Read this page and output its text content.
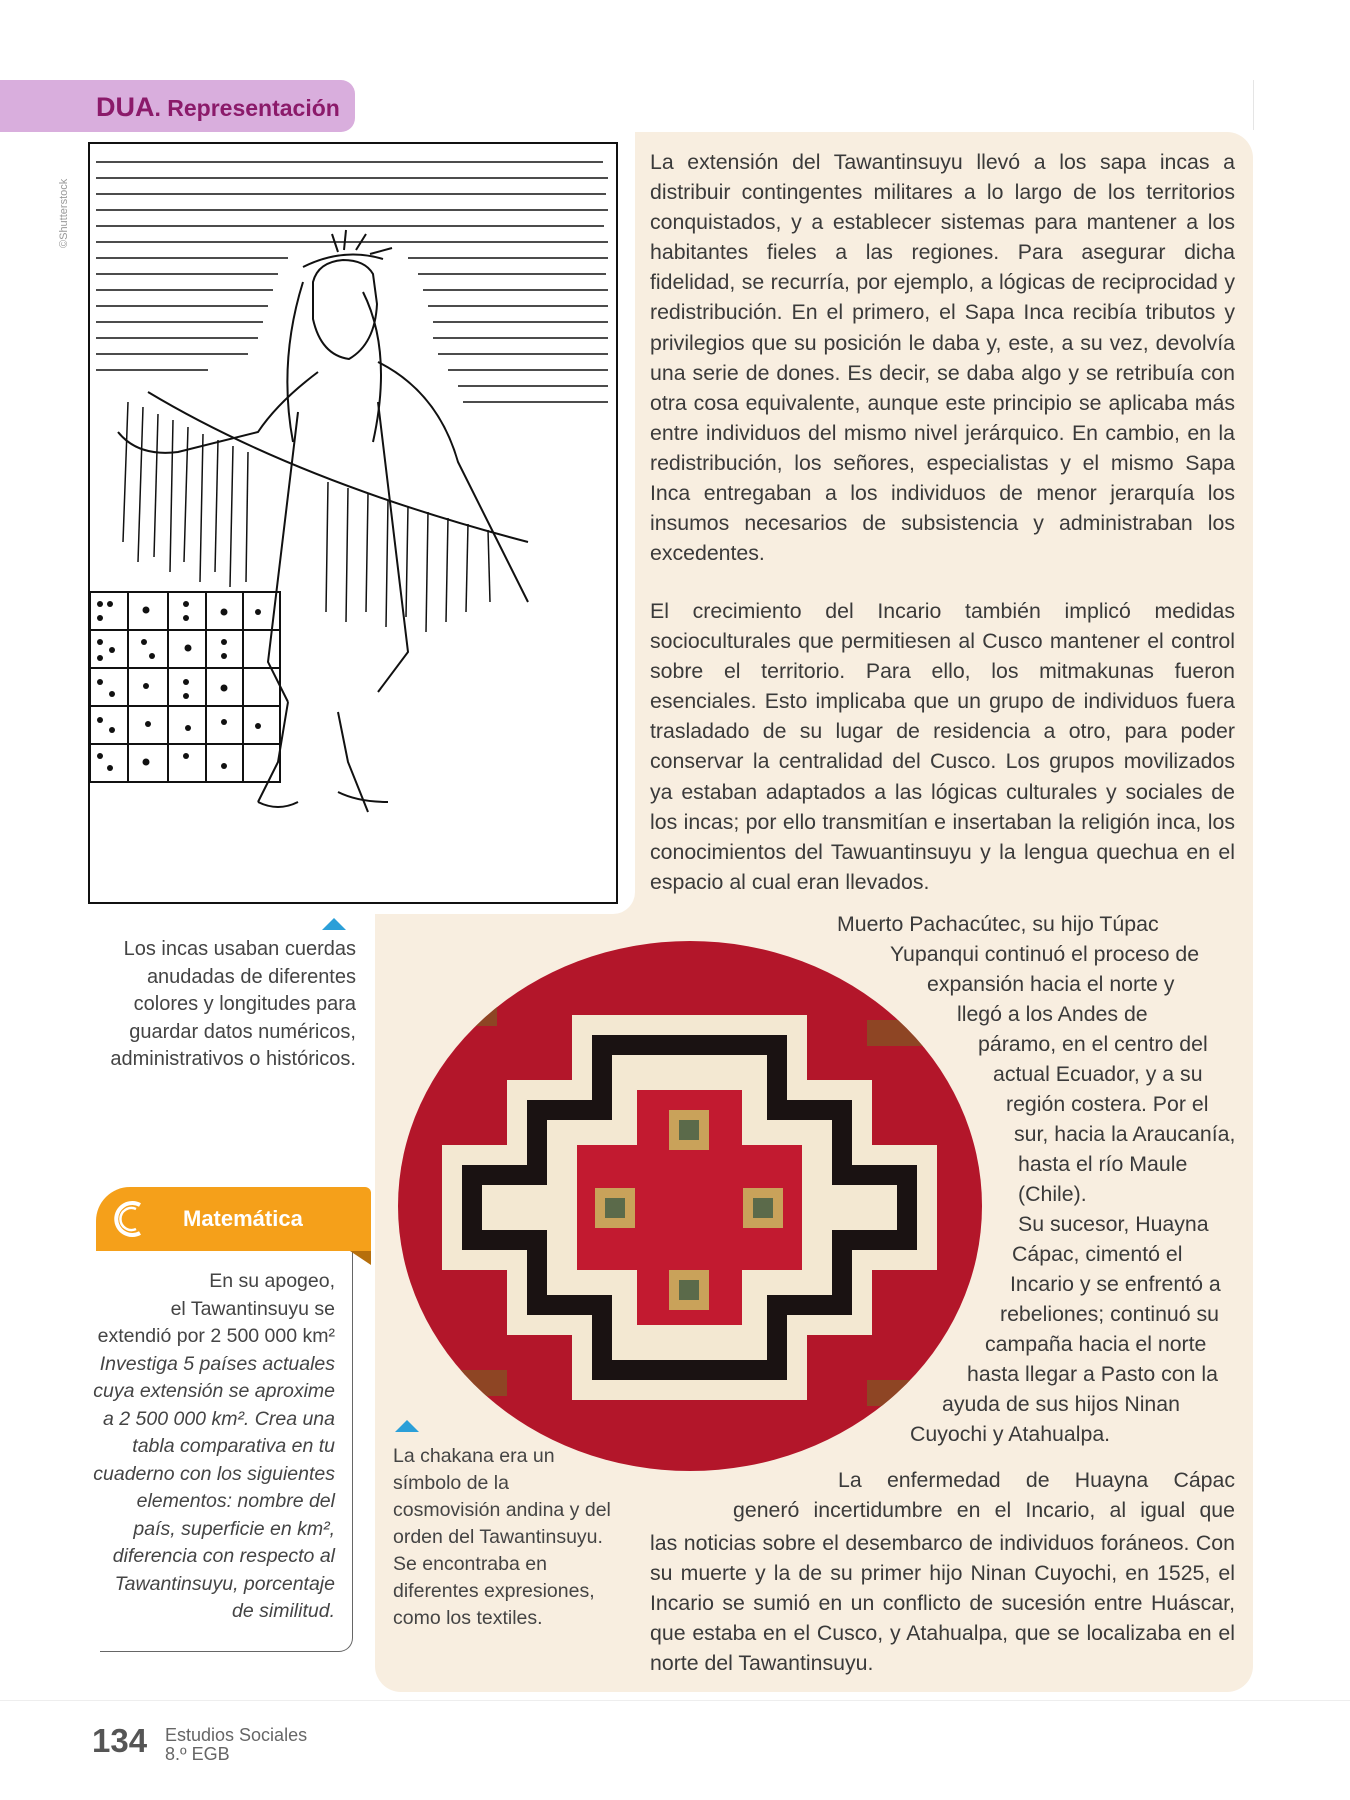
DUA. Representación
©Shutterstock
Los incas usaban cuerdas anudadas de diferentes colores y longitudes para guardar datos numéricos, administrativos o históricos.
La extensión del Tawantinsuyu llevó a los sapa incas a distribuir contingentes militares a lo largo de los territorios conquistados, y a establecer sistemas para mantener a los habitantes fieles a las regiones. Para asegurar dicha fidelidad, se recurría, por ejemplo, a lógicas de reciprocidad y redistribución. En el primero, el Sapa Inca recibía tributos y privilegios que su posición le daba y, este, a su vez, devolvía una serie de dones. Es decir, se daba algo y se retribuía con otra cosa equivalente, aunque este principio se aplicaba más entre individuos del mismo nivel jerárquico. En cambio, en la redistribución, los señores, especialistas y el mismo Sapa Inca entregaban a los individuos de menor jerarquía los insumos necesarios de subsistencia y administraban los excedentes.
El crecimiento del Incario también implicó medidas socioculturales que permitiesen al Cusco mantener el control sobre el territorio. Para ello, los mitmakunas fueron esenciales. Esto implicaba que un grupo de individuos fuera trasladado de su lugar de residencia a otro, para poder conservar la centralidad del Cusco. Los grupos movilizados ya estaban adaptados a las lógicas culturales y sociales de los incas; por ello transmitían e insertaban la religión inca, los conocimientos del Tawuantinsuyu y la lengua quechua en el espacio al cual eran llevados.
Muerto Pachacútec, su hijo Túpac
Yupanqui continuó el proceso de
expansión hacia el norte y
llegó a los Andes de
páramo, en el centro del
actual Ecuador, y a su
región costera. Por el
sur, hacia la Araucanía,
hasta el río Maule
(Chile).
Su sucesor, Huayna
Cápac, cimentó el
Incario y se enfrentó a
rebeliones; continuó su
campaña hacia el norte
hasta llegar a Pasto con la
ayuda de sus hijos Ninan
Cuyochi y Atahualpa.
La enfermedad de Huayna Cápac
generó incertidumbre en el Incario, al igual que
las noticias sobre el desembarco de individuos foráneos. Con su muerte y la de su primer hijo Ninan Cuyochi, en 1525, el Incario se sumió en un conflicto de sucesión entre Huáscar, que estaba en el Cusco, y Atahualpa, que se localizaba en el norte del Tawantinsuyu.
La chakana era un símbolo de la cosmovisión andina y del orden del Tawantinsuyu. Se encontraba en diferentes expresiones, como los textiles.
Matemática
En su apogeo,
el Tawantinsuyu se
extendió por 2 500 000 km²
Investiga 5 países actuales cuya extensión se aproxime a 2 500 000 km². Crea una tabla comparativa en tu cuaderno con los siguientes elementos: nombre del país, superficie en km², diferencia con respecto al Tawantinsuyu, porcentaje de similitud.
134 Estudios Sociales
8.º EGB
